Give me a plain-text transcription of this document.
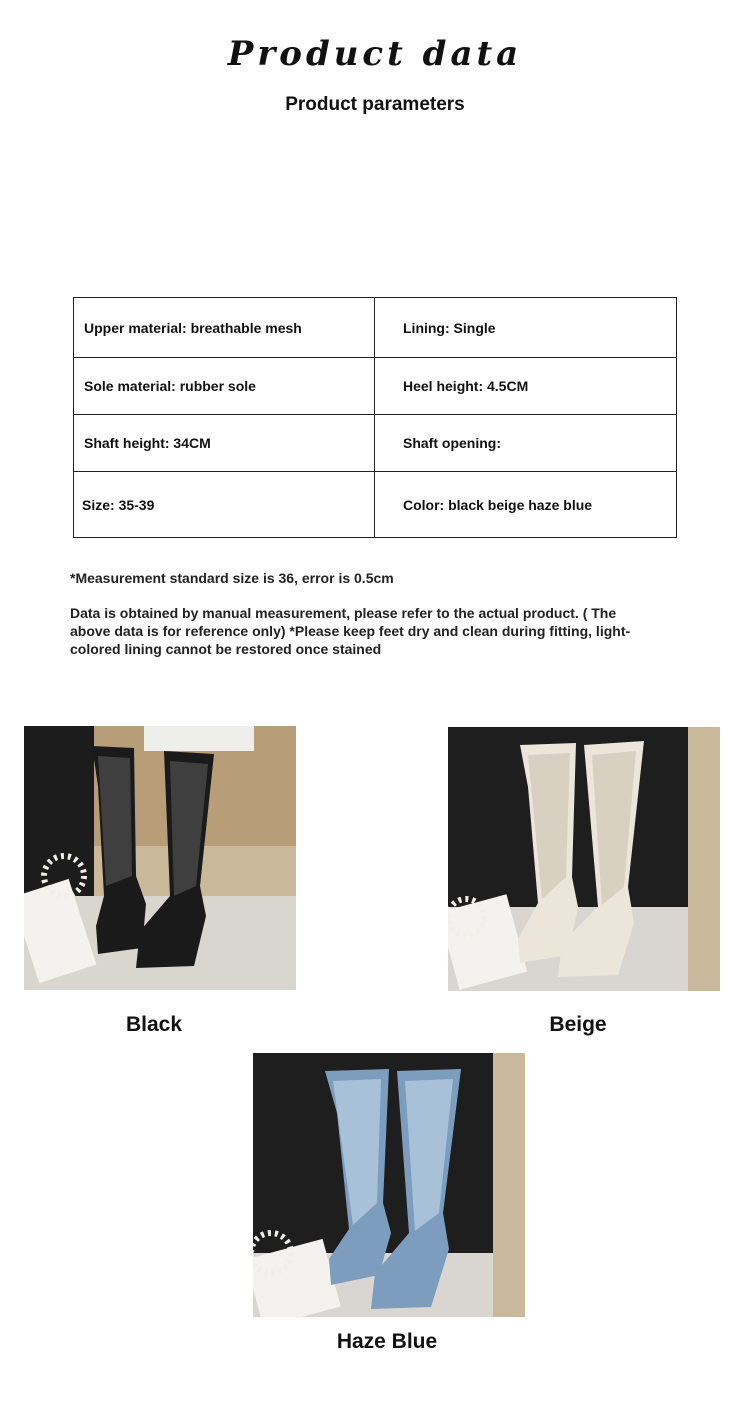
Product data
Product parameters
Upper material: breathable mesh	Lining: Single
Sole material: rubber sole	Heel height: 4.5CM
Shaft height: 34CM	Shaft opening:
Size: 35-39	Color: black beige haze blue
*Measurement standard size is 36, error is 0.5cm
Data is obtained by manual measurement, please refer to the actual product. ( The above data is for reference only) *Please keep feet dry and clean during fitting, light-colored lining cannot be restored once stained
Black	Beige
Haze Blue
